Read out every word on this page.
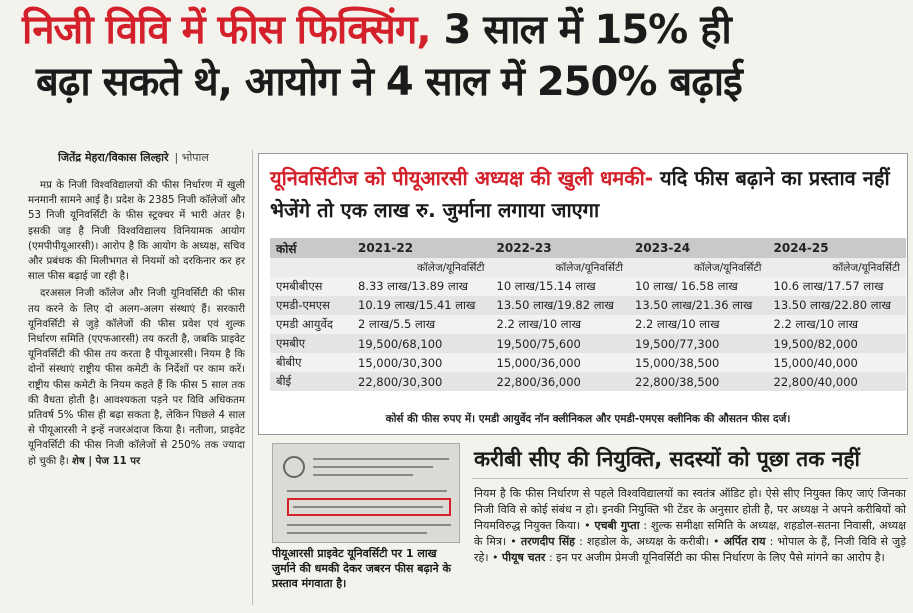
निजी विवि में फीस फिक्सिंग, 3 साल में 15% ही
बढ़ा सकते थे, आयोग ने 4 साल में 250% बढ़ाई
जितेंद्र मेहरा/विकास लिल्हारे | भोपाल

मप्र के निजी विश्वविद्यालयों की फीस निर्धारण में खुली मनमानी सामने आई है। प्रदेश के 2385 निजी कॉलेजों और 53 निजी यूनिवर्सिटी के फीस स्ट्रक्चर में भारी अंतर है। इसकी जड़ है निजी विश्वविद्यालय विनियामक आयोग (एमपीपीयूआरसी)। आरोप है कि आयोग के अध्यक्ष, सचिव और प्रबंधक की मिलीभगत से नियमों को दरकिनार कर हर साल फीस बढ़ाई जा रही है।

दरअसल निजी कॉलेज और निजी यूनिवर्सिटी की फीस तय करने के लिए दो अलग-अलग संस्थाएं हैं। सरकारी यूनिवर्सिटी से जुड़े कॉलेजों की फीस प्रवेश एवं शुल्क निर्धारण समिति (एएफआरसी) तय करती है, जबकि प्राइवेट यूनिवर्सिटी की फीस तय करता है पीयूआरसी। नियम है कि दोनों संस्थाएं राष्ट्रीय फीस कमेटी के निर्देशों पर काम करें। राष्ट्रीय फीस कमेटी के नियम कहते हैं कि फीस 5 साल तक की वैधता होती है। आवश्यकता पड़ने पर विवि अधिकतम प्रतिवर्ष 5% फीस ही बढ़ा सकता है, लेकिन पिछले 4 साल से पीयूआरसी ने इन्हें नजरअंदाज किया है। नतीजा, प्राइवेट यूनिवर्सिटी की फीस निजी कॉलेजों से 250% तक ज्यादा हो चुकी है। शेष | पेज 11 पर

यूनिवर्सिटीज को पीयूआरसी अध्यक्ष की खुली धमकी- यदि फीस बढ़ाने का प्रस्ताव नहीं भेजेंगे तो एक लाख रु. जुर्माना लगाया जाएगा
कोर्स	2021-22	2022-23	2023-24	2024-25
	कॉलेज/यूनिवर्सिटी	कॉलेज/यूनिवर्सिटी	कॉलेज/यूनिवर्सिटी	कॉलेज/यूनिवर्सिटी
एमबीबीएस	8.33 लाख/13.89 लाख	10 लाख/15.14 लाख	10 लाख/ 16.58 लाख	10.6 लाख/17.57 लाख
एमडी-एमएस	10.19 लाख/15.41 लाख	13.50 लाख/19.82 लाख	13.50 लाख/21.36 लाख	13.50 लाख/22.80 लाख
एमडी आयुर्वेद	2 लाख/5.5 लाख	2.2 लाख/10 लाख	2.2 लाख/10 लाख	2.2 लाख/10 लाख
एमबीए	19,500/68,100	19,500/75,600	19,500/77,300	19,500/82,000
बीबीए	15,000/30,300	15,000/36,000	15,000/38,500	15,000/40,000
बीई	22,800/30,300	22,800/36,000	22,800/38,500	22,800/40,000
कोर्स की फीस रुपए में। एमडी आयुर्वेद नॉन क्लीनिकल और एमडी-एमएस क्लीनिक की औसतन फीस दर्ज।
पीयूआरसी प्राइवेट यूनिवर्सिटी पर 1 लाख जुर्माने की धमकी देकर जबरन फीस बढ़ाने के प्रस्ताव मंगवाता है।
करीबी सीए की नियुक्ति, सदस्यों को पूछा तक नहीं
नियम है कि फीस निर्धारण से पहले विश्वविद्यालयों का स्वतंत्र ऑडिट हो। ऐसे सीए नियुक्त किए जाएं जिनका निजी विवि से कोई संबंध न हो। इनकी नियुक्ति भी टेंडर के अनुसार होती है, पर अध्यक्ष ने अपने करीबियों को नियमविरुद्ध नियुक्त किया। • एचबी गुप्ता : शुल्क समीक्षा समिति के अध्यक्ष, शहडोल-सतना निवासी, अध्यक्ष के मित्र। • तरणदीप सिंह : शहडोल के, अध्यक्ष के करीबी। • अर्पित राय : भोपाल के हैं, निजी विवि से जुड़े रहे। • पीयूष चतर : इन पर अजीम प्रेमजी यूनिवर्सिटी का फीस निर्धारण के लिए पैसे मांगने का आरोप है।
